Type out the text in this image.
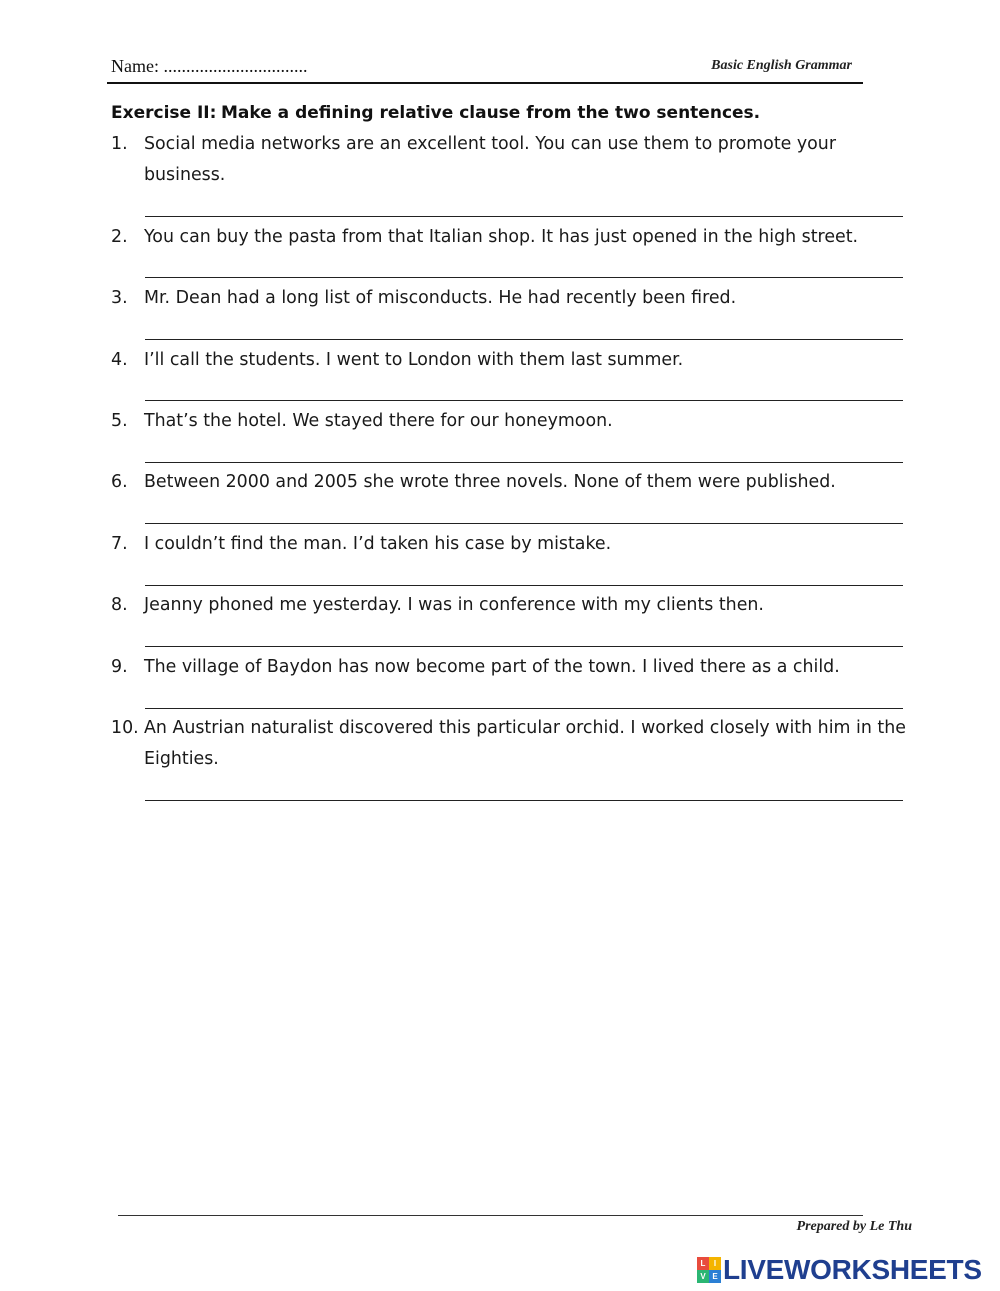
Name: ................................	Basic English Grammar
Exercise II: Make a defining relative clause from the two sentences.
1. Social media networks are an excellent tool. You can use them to promote your
business.
2. You can buy the pasta from that Italian shop. It has just opened in the high street.
3. Mr. Dean had a long list of misconducts. He had recently been fired.
4. I’ll call the students. I went to London with them last summer.
5. That’s the hotel. We stayed there for our honeymoon.
6. Between 2000 and 2005 she wrote three novels. None of them were published.
7. I couldn’t find the man. I’d taken his case by mistake.
8. Jeanny phoned me yesterday. I was in conference with my clients then.
9. The village of Baydon has now become part of the town. I lived there as a child.
10. An Austrian naturalist discovered this particular orchid. I worked closely with him in the
Eighties.
Prepared by Le Thu
L	I
V E LIVEWORKSHEETS
